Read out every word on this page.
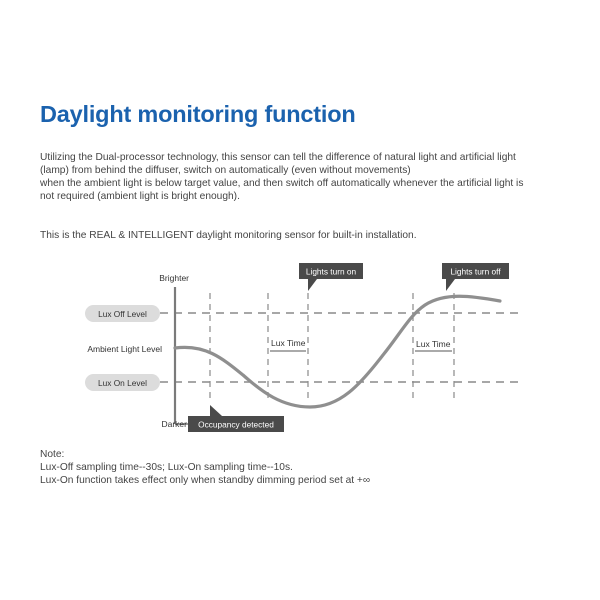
Daylight monitoring function
Utilizing the Dual-processor technology, this sensor can tell the difference of natural light and artificial light
(lamp) from behind the diffuser, switch on automatically (even without movements)
when the ambient light is below target value, and then switch off automatically whenever the artificial light is
not required (ambient light is bright enough).
This is the REAL & INTELLIGENT daylight monitoring sensor for built-in installation.
Lux Time	Lux Time
Brighter
Darker
Ambient Light Level
Lux Off Level
Lux On Level
Lights turn on	Lights turn off
Occupancy detected
Note:
Lux-Off sampling time--30s; Lux-On sampling time--10s.
Lux-On function takes effect only when standby dimming period set at +∞
